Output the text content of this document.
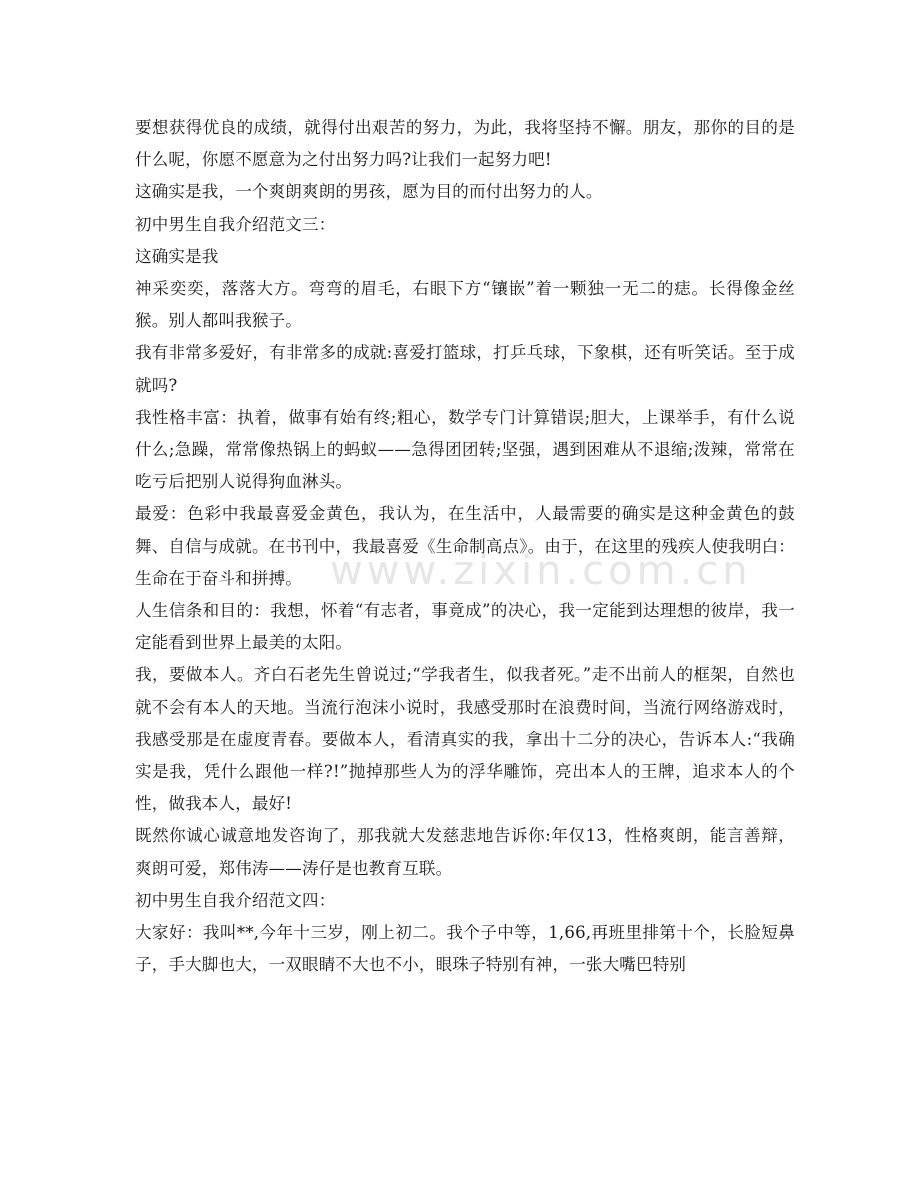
www.zixin.com.cn

要想获得优良的成绩，就得付出艰苦的努力，为此，我将坚持不懈。朋友，那你的目的是什么呢，你愿不愿意为之付出努力吗?让我们一起努力吧!

这确实是我，一个爽朗爽朗的男孩，愿为目的而付出努力的人。

初中男生自我介绍范文三：

这确实是我

神采奕奕，落落大方。弯弯的眉毛，右眼下方“镶嵌”着一颗独一无二的痣。长得像金丝猴。别人都叫我猴子。

我有非常多爱好，有非常多的成就:喜爱打篮球，打乒乓球，下象棋，还有听笑话。至于成就吗?

我性格丰富：执着，做事有始有终;粗心，数学专门计算错误;胆大，上课举手，有什么说什么;急躁，常常像热锅上的蚂蚁——急得团团转;坚强，遇到困难从不退缩;泼辣，常常在吃亏后把别人说得狗血淋头。

最爱：色彩中我最喜爱金黄色，我认为，在生活中，人最需要的确实是这种金黄色的鼓舞、自信与成就。在书刊中，我最喜爱《生命制高点》。由于，在这里的残疾人使我明白：生命在于奋斗和拼搏。

人生信条和目的：我想，怀着“有志者，事竟成”的决心，我一定能到达理想的彼岸，我一定能看到世界上最美的太阳。

我，要做本人。齐白石老先生曾说过;“学我者生，似我者死。”走不出前人的框架，自然也就不会有本人的天地。当流行泡沫小说时，我感受那时在浪费时间，当流行网络游戏时，我感受那是在虚度青春。要做本人，看清真实的我，拿出十二分的决心，告诉本人:“我确实是我，凭什么跟他一样?!”抛掉那些人为的浮华雕饰，亮出本人的王牌，追求本人的个性，做我本人，最好!

既然你诚心诚意地发咨询了，那我就大发慈悲地告诉你:年仅13，性格爽朗，能言善辩，爽朗可爱，郑伟涛——涛仔是也教育互联。

初中男生自我介绍范文四：

大家好：我叫**,今年十三岁，刚上初二。我个子中等，1,66,再班里排第十个，长脸短鼻子，手大脚也大，一双眼睛不大也不小，眼珠子特别有神，一张大嘴巴特别
